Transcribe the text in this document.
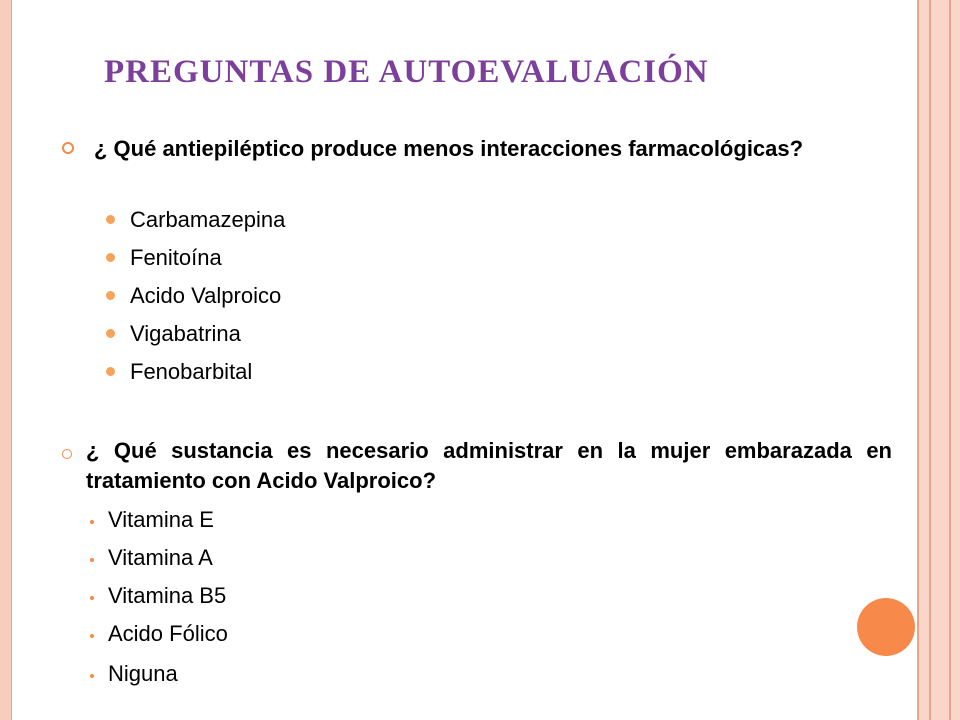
PREGUNTAS DE AUTOEVALUACIÓN
¿ Qué antiepiléptico produce menos interacciones farmacológicas?
Carbamazepina
Fenitoína
Acido Valproico
Vigabatrina
Fenobarbital
¿ Qué sustancia es necesario administrar en la mujer embarazada en tratamiento con Acido Valproico?
Vitamina E
Vitamina A
Vitamina B5
Acido Fólico
Niguna
